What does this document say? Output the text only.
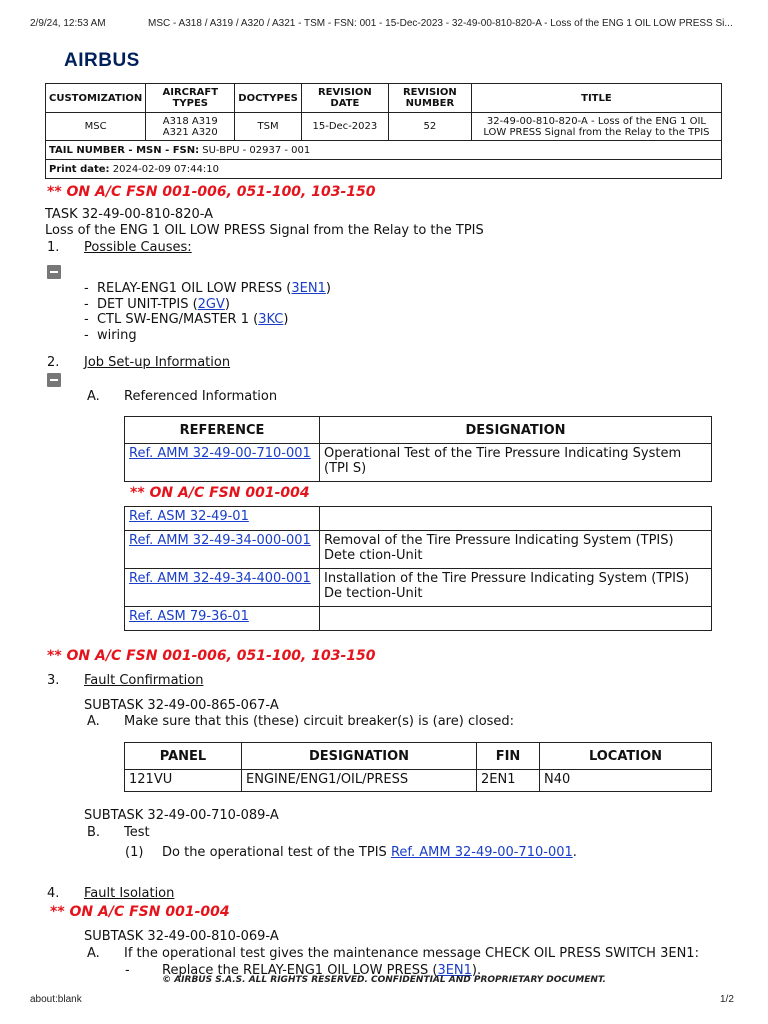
2/9/24, 12:53 AM	MSC - A318 / A319 / A320 / A321 - TSM - FSN: 001 - 15-Dec-2023 - 32-49-00-810-820-A - Loss of the ENG 1 OIL LOW PRESS Si...
AIRBUS
CUSTOMIZATION	AIRCRAFT TYPES	DOCTYPES	REVISION DATE	REVISION NUMBER	TITLE
MSC	A318 A319 A321 A320	TSM	15-Dec-2023	52	32-49-00-810-820-A - Loss of the ENG 1 OIL LOW PRESS Signal from the Relay to the TPIS
TAIL NUMBER - MSN - FSN: SU-BPU - 02937 - 001					
Print date: 2024-02-09 07:44:10					
** ON A/C FSN 001-006, 051-100, 103-150
TASK 32-49-00-810-820-A
Loss of the ENG 1 OIL LOW PRESS Signal from the Relay to the TPIS
1. Possible Causes:
- RELAY-ENG1 OIL LOW PRESS (3EN1)
- DET UNIT-TPIS (2GV)
- CTL SW-ENG/MASTER 1 (3KC)
- wiring
2. Job Set-up Information
A. Referenced Information
REFERENCE	DESIGNATION
Ref. AMM 32-49-00-710-001	Operational Test of the Tire Pressure Indicating System (TPI S)
** ON A/C FSN 001-004
Ref. ASM 32-49-01	
Ref. AMM 32-49-34-000-001	Removal of the Tire Pressure Indicating System (TPIS) Dete ction-Unit
Ref. AMM 32-49-34-400-001	Installation of the Tire Pressure Indicating System (TPIS) De tection-Unit
Ref. ASM 79-36-01	
** ON A/C FSN 001-006, 051-100, 103-150
3. Fault Confirmation
SUBTASK 32-49-00-865-067-A
A. Make sure that this (these) circuit breaker(s) is (are) closed:
PANEL	DESIGNATION	FIN	LOCATION
121VU	ENGINE/ENG1/OIL/PRESS	2EN1	N40
SUBTASK 32-49-00-710-089-A
B. Test
(1) Do the operational test of the TPIS Ref. AMM 32-49-00-710-001.
4. Fault Isolation
** ON A/C FSN 001-004
SUBTASK 32-49-00-810-069-A
A. If the operational test gives the maintenance message CHECK OIL PRESS SWITCH 3EN1:
- Replace the RELAY-ENG1 OIL LOW PRESS (3EN1).
© AIRBUS S.A.S. ALL RIGHTS RESERVED. CONFIDENTIAL AND PROPRIETARY DOCUMENT.
about:blank	1/2
